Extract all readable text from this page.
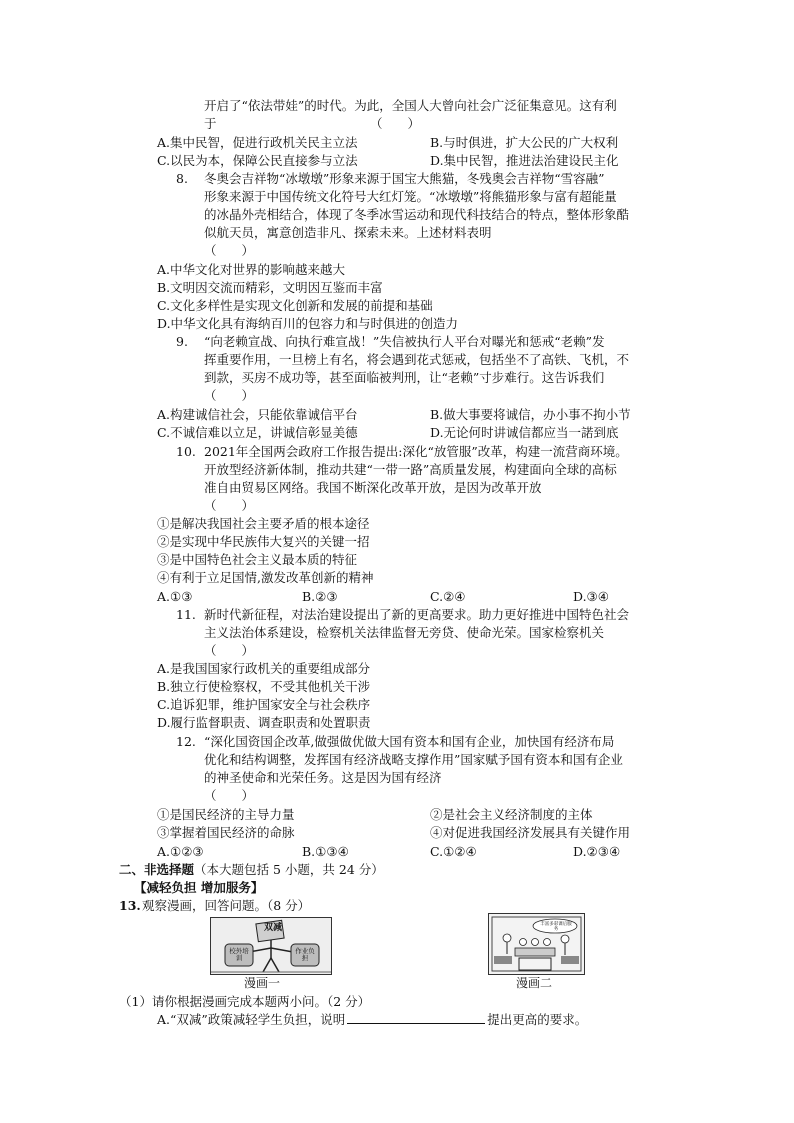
开启了“依法带娃”的时代。为此，全国人大曾向社会广泛征集意见。这有利
于	（　　）
A.集中民智，促进行政机关民主立法	B.与时俱进，扩大公民的广大权利
C.以民为本，保障公民直接参与立法	D.集中民智，推进法治建设民主化
8. 冬奥会吉祥物“冰墩墩”形象来源于国宝大熊猫，冬残奥会吉祥物“雪容融”
形象来源于中国传统文化符号大红灯笼。“冰墩墩”将熊猫形象与富有超能量
的冰晶外壳相结合，体现了冬季冰雪运动和现代科技结合的特点，整体形象酷
似航天员，寓意创造非凡、探索未来。上述材料表明
（　　）
A.中华文化对世界的影响越来越大
B.文明因交流而精彩，文明因互鉴而丰富
C.文化多样性是实现文化创新和发展的前提和基础
D.中华文化具有海纳百川的包容力和与时俱进的创造力
9. “向老赖宣战、向执行难宣战！”失信被执行人平台对曝光和惩戒“老赖”发
挥重要作用，一旦榜上有名，将会遇到花式惩戒，包括坐不了高铁、飞机，不
到款，买房不成功等，甚至面临被判刑，让“老赖”寸步难行。这告诉我们
（　　）
A.构建诚信社会，只能依靠诚信平台	B.做大事要将诚信，办小事不拘小节
C.不诚信难以立足，讲诚信彰显美德	D.无论何时讲诚信都应当一諾到底
10. 2021年全国两会政府工作报告提出:深化“放管服”改革，构建一流营商环境。
开放型经济新体制，推动共建“一带一路”高质量发展，构建面向全球的高标
准自由贸易区网络。我国不断深化改革开放，是因为改革开放
（　　）
①是解决我国社会主要矛盾的根本途径
②是实现中华民族伟大复兴的关键一招
③是中国特色社会主义最本质的特征
④有利于立足国情,激发改革创新的精神
A.①③	B.②③	C.②④	D.③④
11. 新时代新征程，对法治建设提出了新的更高要求。助力更好推进中国特色社会
主义法治体系建设，检察机关法律监督无旁贷、使命光荣。国家检察机关
（　　）
A.是我国国家行政机关的重要组成部分
B.独立行使检察权，不受其他机关干涉
C.追诉犯罪，维护国家安全与社会秩序
D.履行监督职责、调查职责和处置职责
12. “深化国资国企改革,做强做优做大国有资本和国有企业，加快国有经济布局
优化和结构调整，发挥国有经济战略支撑作用”国家赋予国有资本和国有企业
的神圣使命和光荣任务。这是因为国有经济
（　　）
①是国民经济的主导力量	②是社会主义经济制度的主体
③掌握着国民经济的命脉	④对促进我国经济发展具有关键作用
A.①②③	B.①③④	C.①②④	D.②③④
二、非选择题（本大题包括 5 小题，共 24 分）
【减轻负担 增加服务】
13. 观察漫画，回答问题。（8 分）
双减
校外培训
作业负担
漫画一
丰富多彩课后服务
漫画二
（1）请你根据漫画完成本题两小问。（2 分）
A.“双减”政策减轻学生负担，说明	提出更高的要求。
